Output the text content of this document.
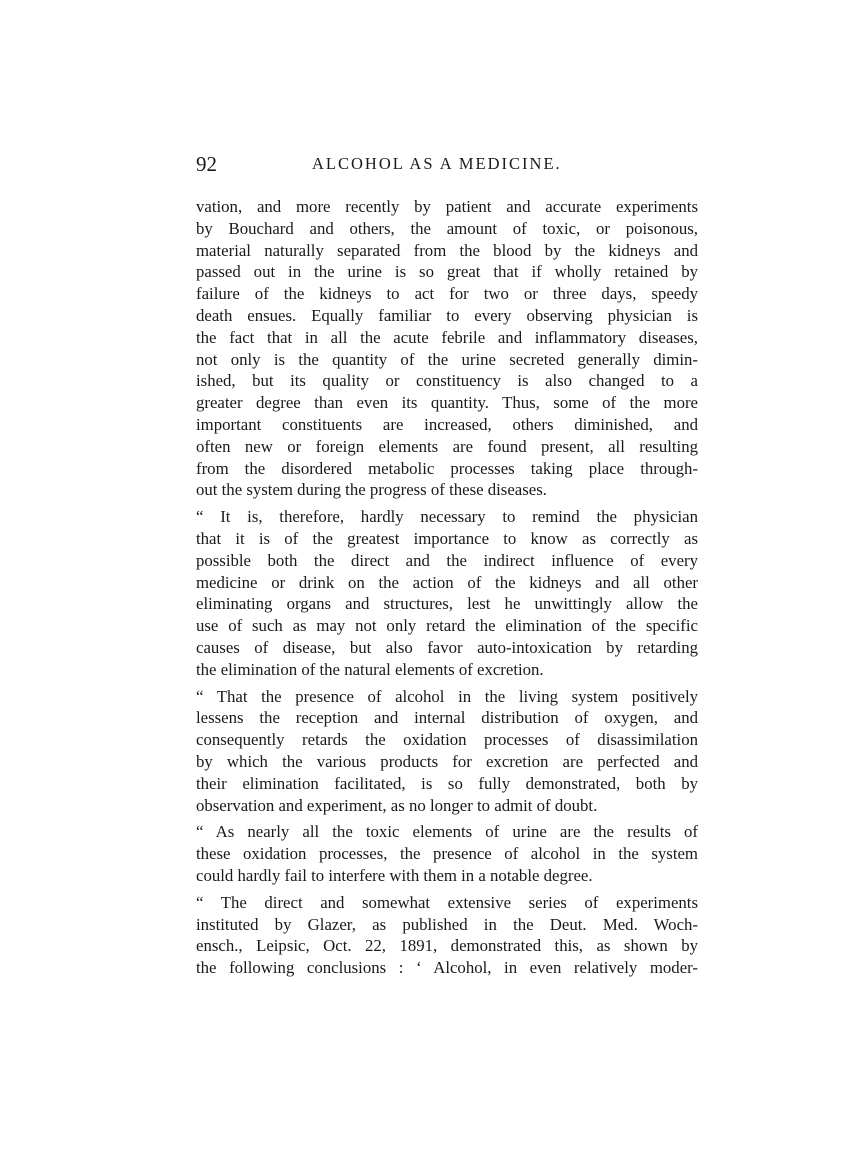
92	ALCOHOL AS A MEDICINE.
vation, and more recently by patient and accurate experiments
by Bouchard and others, the amount of toxic, or poisonous,
material naturally separated from the blood by the kidneys and
passed out in the urine is so great that if wholly retained by
failure of the kidneys to act for two or three days, speedy
death ensues. Equally familiar to every observing physician is
the fact that in all the acute febrile and inflammatory diseases,
not only is the quantity of the urine secreted generally dimin-
ished, but its quality or constituency is also changed to a
greater degree than even its quantity. Thus, some of the more
important constituents are increased, others diminished, and
often new or foreign elements are found present, all resulting
from the disordered metabolic processes taking place through-
out the system during the progress of these diseases.
“ It is, therefore, hardly necessary to remind the physician
that it is of the greatest importance to know as correctly as
possible both the direct and the indirect influence of every
medicine or drink on the action of the kidneys and all other
eliminating organs and structures, lest he unwittingly allow the
use of such as may not only retard the elimination of the specific
causes of disease, but also favor auto-intoxication by retarding
the elimination of the natural elements of excretion.
“ That the presence of alcohol in the living system positively
lessens the reception and internal distribution of oxygen, and
consequently retards the oxidation processes of disassimilation
by which the various products for excretion are perfected and
their elimination facilitated, is so fully demonstrated, both by
observation and experiment, as no longer to admit of doubt.
“ As nearly all the toxic elements of urine are the results of
these oxidation processes, the presence of alcohol in the system
could hardly fail to interfere with them in a notable degree.
“ The direct and somewhat extensive series of experiments
instituted by Glazer, as published in the Deut. Med. Woch-
ensch., Leipsic, Oct. 22, 1891, demonstrated this, as shown by
the following conclusions : ‘ Alcohol, in even relatively moder-
